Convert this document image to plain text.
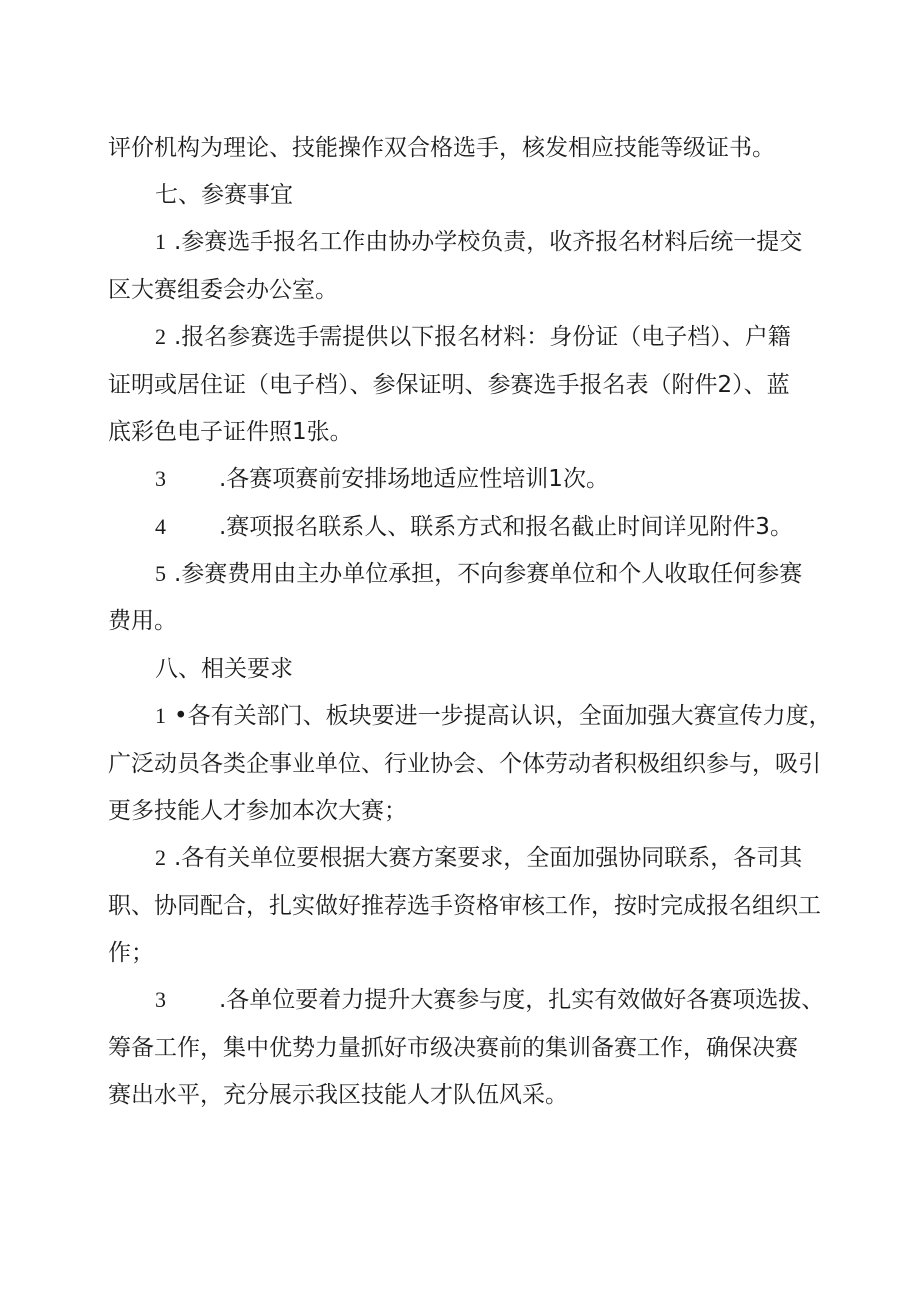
评价机构为理论、技能操作双合格选手，核发相应技能等级证书。
七、参赛事宜
1 .参赛选手报名工作由协办学校负责，收齐报名材料后统一提交
区大赛组委会办公室。
2 .报名参赛选手需提供以下报名材料：身份证（电子档）、户籍
证明或居住证（电子档）、参保证明、参赛选手报名表（附件2）、蓝
底彩色电子证件照1张。
3 .各赛项赛前安排场地适应性培训1次。
4 .赛项报名联系人、联系方式和报名截止时间详见附件3。
5 .参赛费用由主办单位承担，不向参赛单位和个人收取任何参赛
费用。
八、相关要求
1 •各有关部门、板块要进一步提高认识，全面加强大赛宣传力度，
广泛动员各类企事业单位、行业协会、个体劳动者积极组织参与，吸引
更多技能人才参加本次大赛；
2 .各有关单位要根据大赛方案要求，全面加强协同联系，各司其
职、协同配合，扎实做好推荐选手资格审核工作，按时完成报名组织工
作；
3 .各单位要着力提升大赛参与度，扎实有效做好各赛项选拔、
筹备工作，集中优势力量抓好市级决赛前的集训备赛工作，确保决赛
赛出水平，充分展示我区技能人才队伍风采。
